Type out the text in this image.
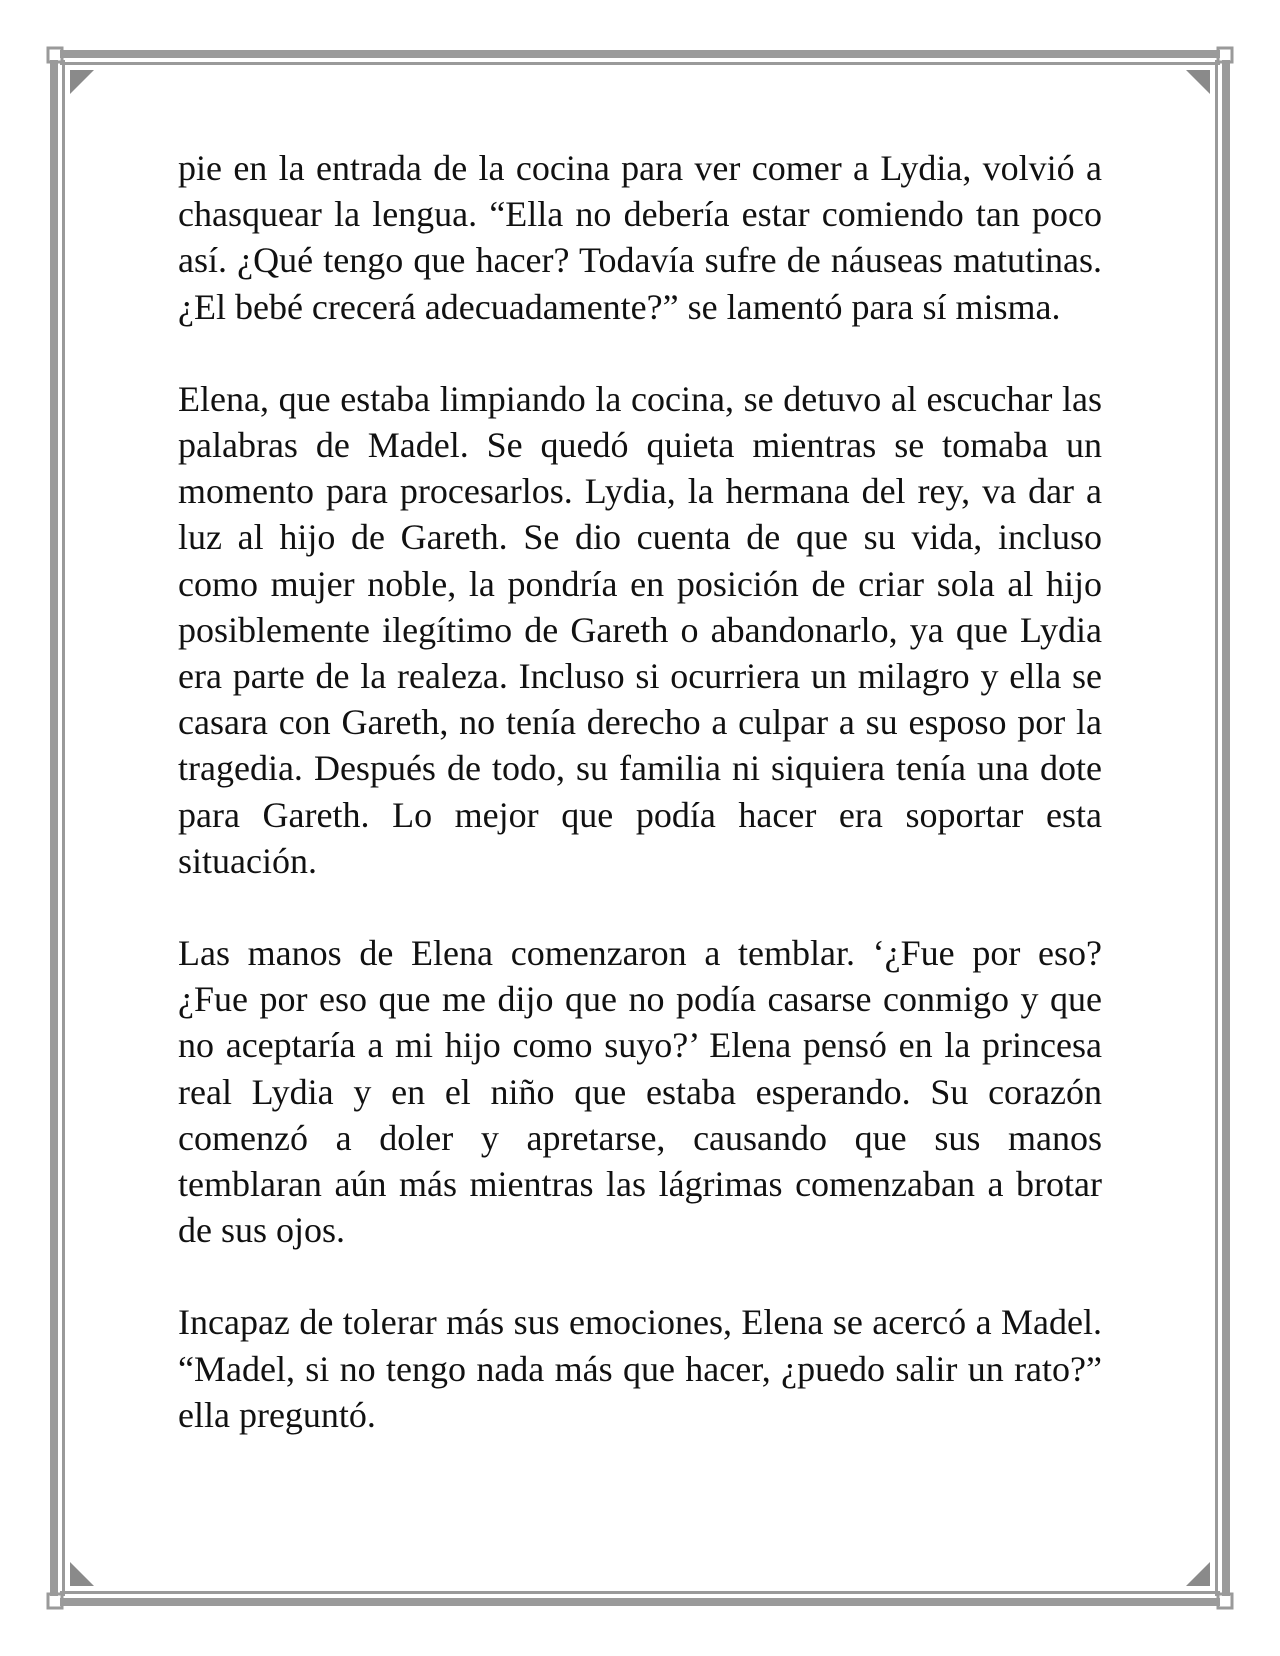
pie en la entrada de la cocina para ver comer a Lydia, volvió a chasquear la lengua. “Ella no debería estar comiendo tan poco así. ¿Qué tengo que hacer? Todavía sufre de náuseas matutinas. ¿El bebé crecerá adecuadamente?” se lamentó para sí misma.

Elena, que estaba limpiando la cocina, se detuvo al escuchar las palabras de Madel. Se quedó quieta mientras se tomaba un momento para procesarlos. Lydia, la hermana del rey, va dar a luz al hijo de Gareth. Se dio cuenta de que su vida, incluso como mujer noble, la pondría en posición de criar sola al hijo posiblemente ilegítimo de Gareth o abandonarlo, ya que Lydia era parte de la realeza. Incluso si ocurriera un milagro y ella se casara con Gareth, no tenía derecho a culpar a su esposo por la tragedia. Después de todo, su familia ni siquiera tenía una dote para Gareth. Lo mejor que podía hacer era soportar esta situación.

Las manos de Elena comenzaron a temblar. ‘¿Fue por eso? ¿Fue por eso que me dijo que no podía casarse conmigo y que no aceptaría a mi hijo como suyo?’ Elena pensó en la princesa real Lydia y en el niño que estaba esperando. Su corazón comenzó a doler y apretarse, causando que sus manos temblaran aún más mientras las lágrimas comenzaban a brotar de sus ojos.

Incapaz de tolerar más sus emociones, Elena se acercó a Madel. “Madel, si no tengo nada más que hacer, ¿puedo salir un rato?” ella preguntó.
